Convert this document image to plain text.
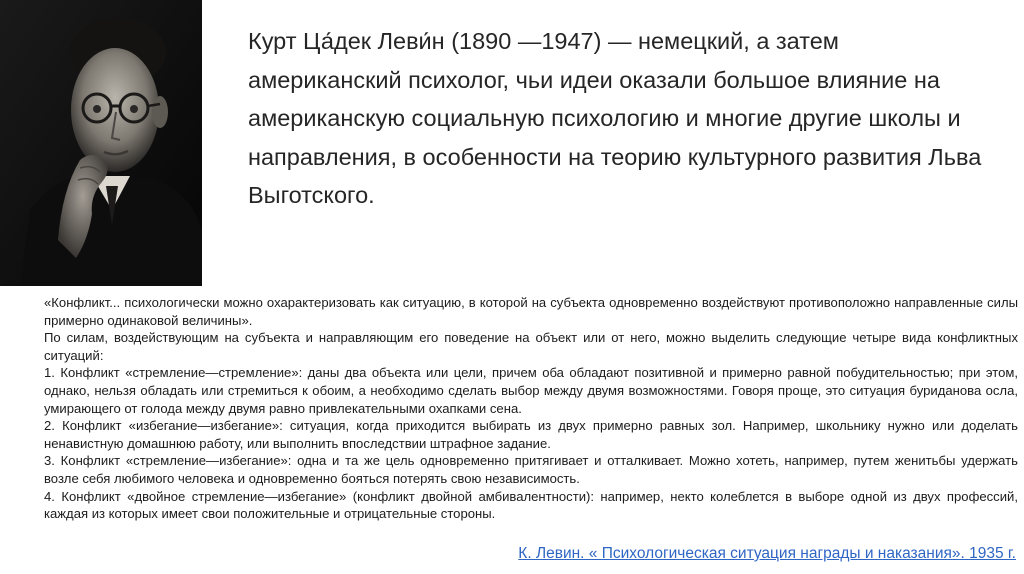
Курт Ца́дек Леви́н (1890 —1947) — немецкий, а затем американский психолог, чьи идеи оказали большое влияние на американскую социальную психологию и многие другие школы и направления, в особенности на теорию культурного развития Льва Выготского.

«Конфликт... психологически можно охарактеризовать как ситуацию, в которой на субъекта одновременно воздействуют противоположно направленные силы примерно одинаковой величины».

По силам, воздействующим на субъекта и направляющим его поведение на объект или от него, можно выделить следующие четыре вида конфликтных ситуаций:

1. Конфликт «стремление—стремление»: даны два объекта или цели, причем оба обладают позитивной и примерно равной побудительностью; при этом, однако, нельзя обладать или стремиться к обоим, а необходимо сделать выбор между двумя возможностями. Говоря проще, это ситуация буриданова осла, умирающего от голода между двумя равно привлекательными охапками сена.

2. Конфликт «избегание—избегание»: ситуация, когда приходится выбирать из двух примерно равных зол. Например, школьнику нужно или доделать ненавистную домашнюю работу, или выполнить впоследствии штрафное задание.

3. Конфликт «стремление—избегание»: одна и та же цель одновременно притягивает и отталкивает. Можно хотеть, например, путем женитьбы удержать возле себя любимого человека и одновременно бояться потерять свою независимость.

4. Конфликт «двойное стремление—избегание» (конфликт двойной амбивалентности): например, некто колеблется в выборе одной из двух профессий, каждая из которых имеет свои положительные и отрицательные стороны.

К. Левин. « Психологическая ситуация награды и наказания». 1935 г.
